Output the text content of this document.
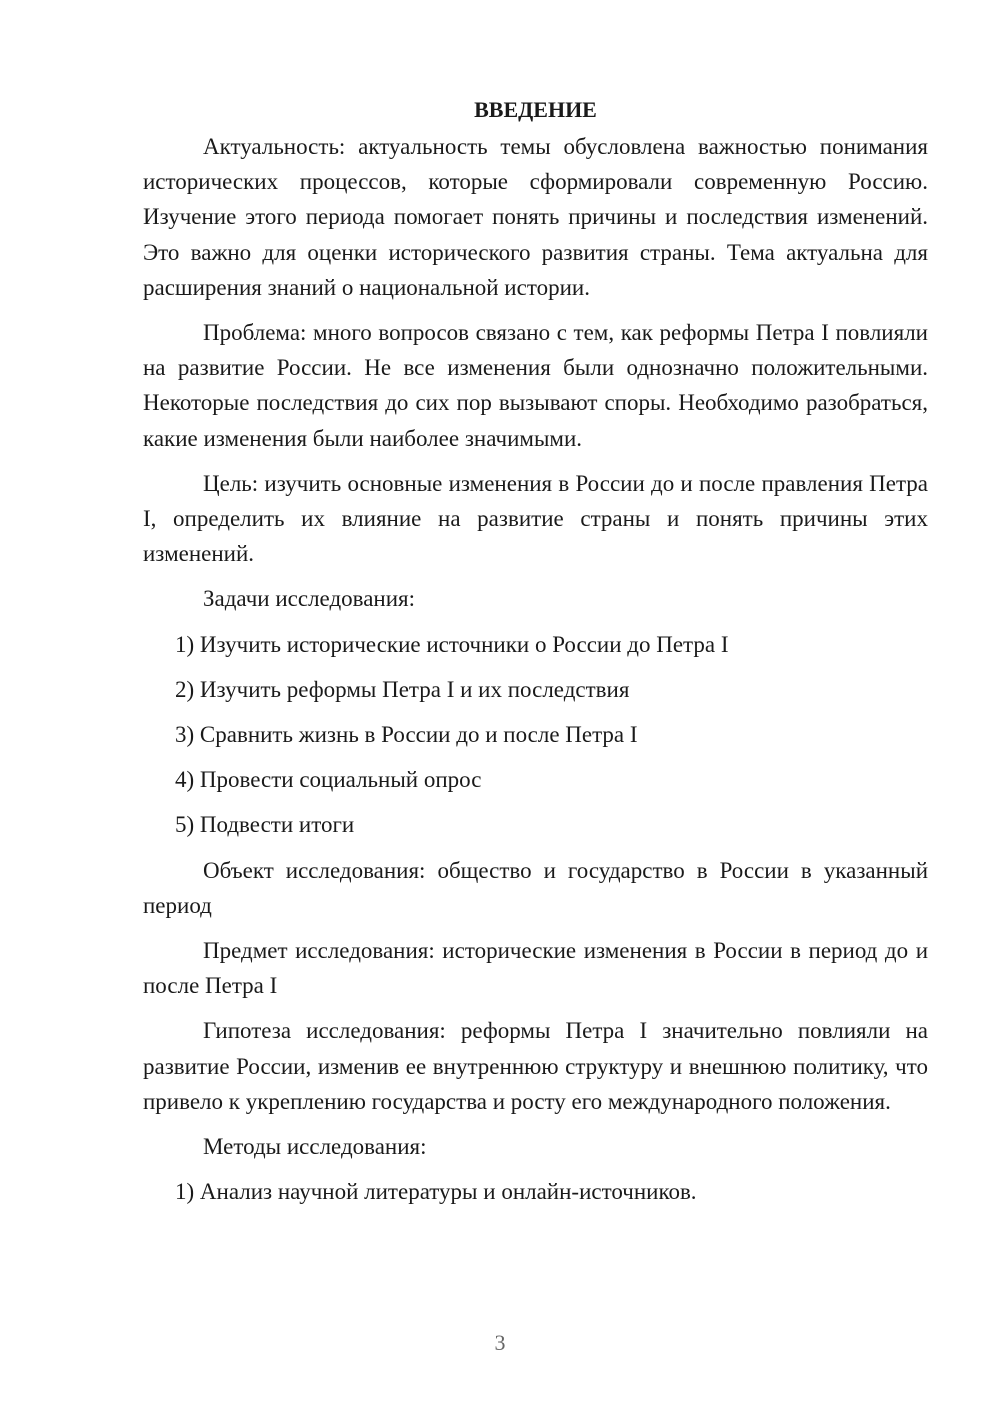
ВВЕДЕНИЕ

Актуальность: актуальность темы обусловлена важностью понимания исторических процессов, которые сформировали современную Россию. Изучение этого периода помогает понять причины и последствия изменений. Это важно для оценки исторического развития страны. Тема актуальна для расширения знаний о национальной истории.

Проблема: много вопросов связано с тем, как реформы Петра I повлияли на развитие России. Не все изменения были однозначно положительными. Некоторые последствия до сих пор вызывают споры. Необходимо разобраться, какие изменения были наиболее значимыми.

Цель: изучить основные изменения в России до и после правления Петра I, определить их влияние на развитие страны и понять причины этих изменений.

Задачи исследования:

1) Изучить исторические источники о России до Петра I
2) Изучить реформы Петра I и их последствия
3) Сравнить жизнь в России до и после Петра I
4) Провести социальный опрос
5) Подвести итоги

Объект исследования: общество и государство в России в указанный период

Предмет исследования: исторические изменения в России в период до и после Петра I

Гипотеза исследования: реформы Петра I значительно повлияли на развитие России, изменив ее внутреннюю структуру и внешнюю политику, что привело к укреплению государства и росту его международного положения.

Методы исследования:

1) Анализ научной литературы и онлайн-источников.
3
